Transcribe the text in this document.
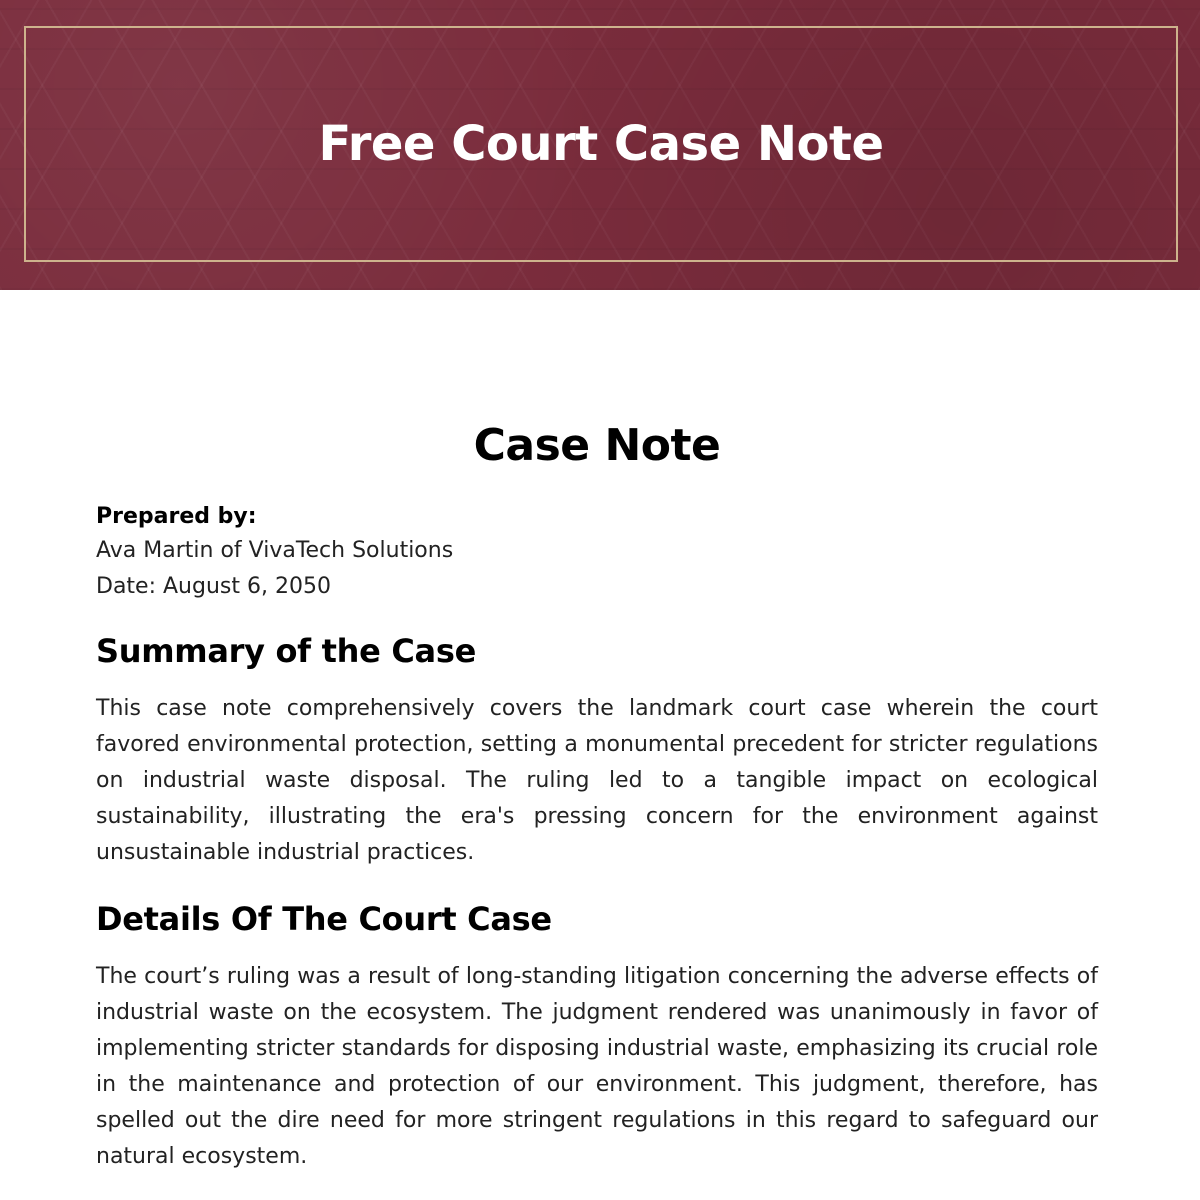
Free Court Case Note
Case Note
Prepared by:
Ava Martin of VivaTech Solutions
Date: August 6, 2050
Summary of the Case

This case note comprehensively covers the landmark court case wherein the court favored environmental protection, setting a monumental precedent for stricter regulations on industrial waste disposal. The ruling led to a tangible impact on ecological sustainability, illustrating the era's pressing concern for the environment against unsustainable industrial practices.

Details Of The Court Case

The court’s ruling was a result of long-standing litigation concerning the adverse effects of industrial waste on the ecosystem. The judgment rendered was unanimously in favor of implementing stricter standards for disposing industrial waste, emphasizing its crucial role in the maintenance and protection of our environment. This judgment, therefore, has spelled out the dire need for more stringent regulations in this regard to safeguard our natural ecosystem.
